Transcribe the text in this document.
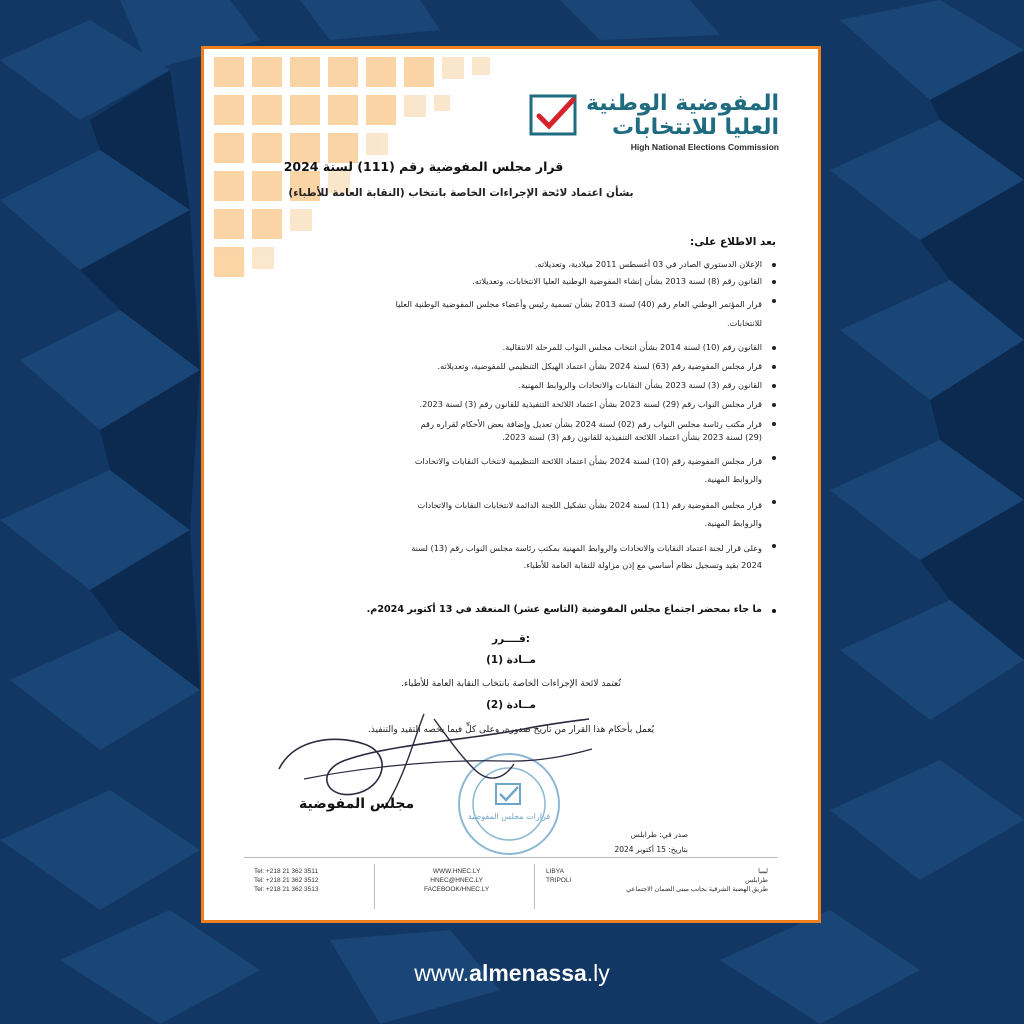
المفوضية الوطنية
العليا للانتخابات
High National Elections Commission
قرار مجلس المفوضية رقم (111) لسنة 2024
بشأن اعتماد لائحة الإجراءات الخاصة بانتخاب (النقابة العامة للأطباء)
بعد الاطلاع على:
الإعلان الدستوري الصادر في 03 أغسطس 2011 ميلادية، وتعديلاته.
القانون رقم (8) لسنة 2013 بشأن إنشاء المفوضية الوطنية العليا الانتخابات، وتعديلاته.
قرار المؤتمر الوطني العام رقم (40) لسنة 2013 بشأن تسمية رئيس وأعضاء مجلس المفوضية الوطنية العليا
للانتخابات.
القانون رقم (10) لسنة 2014 بشأن انتخاب مجلس النواب للمرحلة الانتقالية.
قرار مجلس المفوضية رقم (63) لسنة 2024 بشأن اعتماد الهيكل التنظيمي للمفوضية، وتعديلاته.
القانون رقم (3) لسنة 2023 بشأن النقابات والاتحادات والروابط المهنية.
قرار مجلس النواب رقم (29) لسنة 2023 بشأن اعتماد اللائحة التنفيذية للقانون رقم (3) لسنة 2023.
قرار مكتب رئاسة مجلس النواب رقم (02) لسنة 2024 بشأن تعديل وإضافة بعض الأحكام لقراره رقم
(29) لسنة 2023 بشأن اعتماد اللائحة التنفيذية للقانون رقم (3) لسنة 2023.
قرار مجلس المفوضية رقم (10) لسنة 2024 بشأن اعتماد اللائحة التنظيمية لانتخاب النقابات والاتحادات
والروابط المهنية.
قرار مجلس المفوضية رقم (11) لسنة 2024 بشأن تشكيل اللجنة الدائمة لانتخابات النقابات والاتحادات
والروابط المهنية.
وعلى قرار لجنة اعتماد النقابات والاتحادات والروابط المهنية بمكتب رئاسة مجلس النواب رقم (13) لسنة
2024 بقيد وتسجيل نظام أساسي مع إذن مزاولة للنقابة العامة للأطباء.
ما جاء بمحضر اجتماع مجلس المفوضية (التاسع عشر) المنعقد في 13 أكتوبر 2024م.
قــــرر:
مــادة (1)
تُعتمد لائحة الإجراءات الخاصة بانتخاب النقابة العامة للأطباء.
مــادة (2)
يُعمل بأحكام هذا القرار من تاريخ صدوره، وعلى كلٍّ فيما يخصه التقيد والتنفيذ.
قرارات مجلس المفوضية
مجلس المفوضية
صدر في: طرابلس
بتاريخ: 15 أكتوبر 2024
Tel: +218 21 362 3511
Tel: +218 21 362 3512
Tel: +218 21 362 3513
WWW.HNEC.LY
HNEC@HNEC.LY
FACEBOOK/HNEC.LY
LIBYA
TRIPOLI
ليبيا
طرابلس
طريق الهضبة الشرقية بجانب مبنى الضمان الاجتماعي
www.almenassa.ly
